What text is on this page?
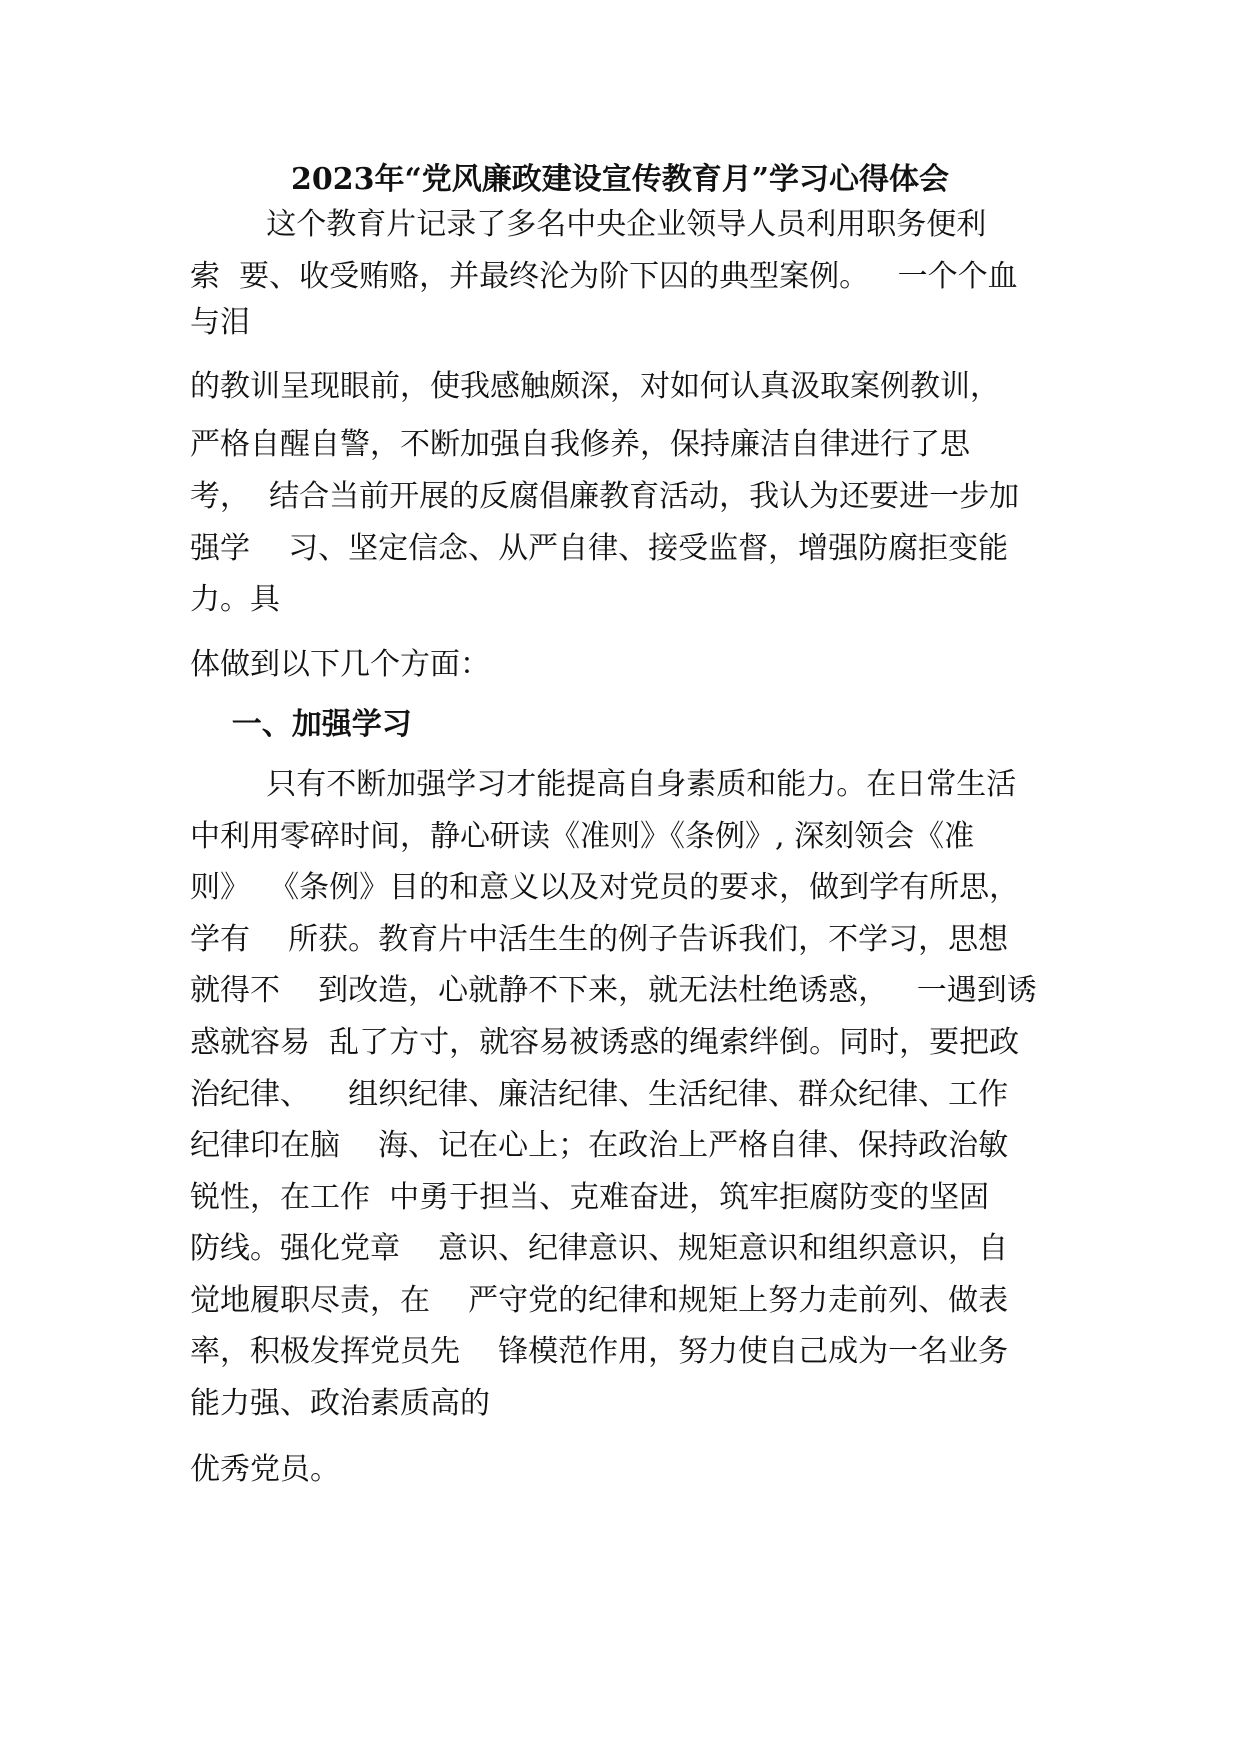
2023年“党风廉政建设宣传教育月”学习心得体会
这个教育片记录了多名中央企业领导人员利用职务便利
索  要、收受贿赂，并最终沦为阶下囚的典型案例。   一个个血
与泪
的教训呈现眼前，使我感触颇深，对如何认真汲取案例教训，
严格自醒自警，不断加强自我修养，保持廉洁自律进行了思
考，  结合当前开展的反腐倡廉教育活动，我认为还要进一步加
强学    习、坚定信念、从严自律、接受监督，增强防腐拒变能
力。具
体做到以下几个方面：
一、加强学习
只有不断加强学习才能提高自身素质和能力。在日常生活
中利用零碎时间，静心研读《准则》《条例》, 深刻领会《准
则》  《条例》目的和意义以及对党员的要求，做到学有所思，
学有    所获。教育片中活生生的例子告诉我们，不学习，思想
就得不    到改造，心就静不下来，就无法杜绝诱惑，   一遇到诱
惑就容易  乱了方寸，就容易被诱惑的绳索绊倒。同时，要把政
治纪律、    组织纪律、廉洁纪律、生活纪律、群众纪律、工作
纪律印在脑    海、记在心上；在政治上严格自律、保持政治敏
锐性，在工作  中勇于担当、克难奋进，筑牢拒腐防变的坚固
防线。强化党章    意识、纪律意识、规矩意识和组织意识，自
觉地履职尽责，在    严守党的纪律和规矩上努力走前列、做表
率，积极发挥党员先    锋模范作用，努力使自己成为一名业务
能力强、政治素质高的
优秀党员。
